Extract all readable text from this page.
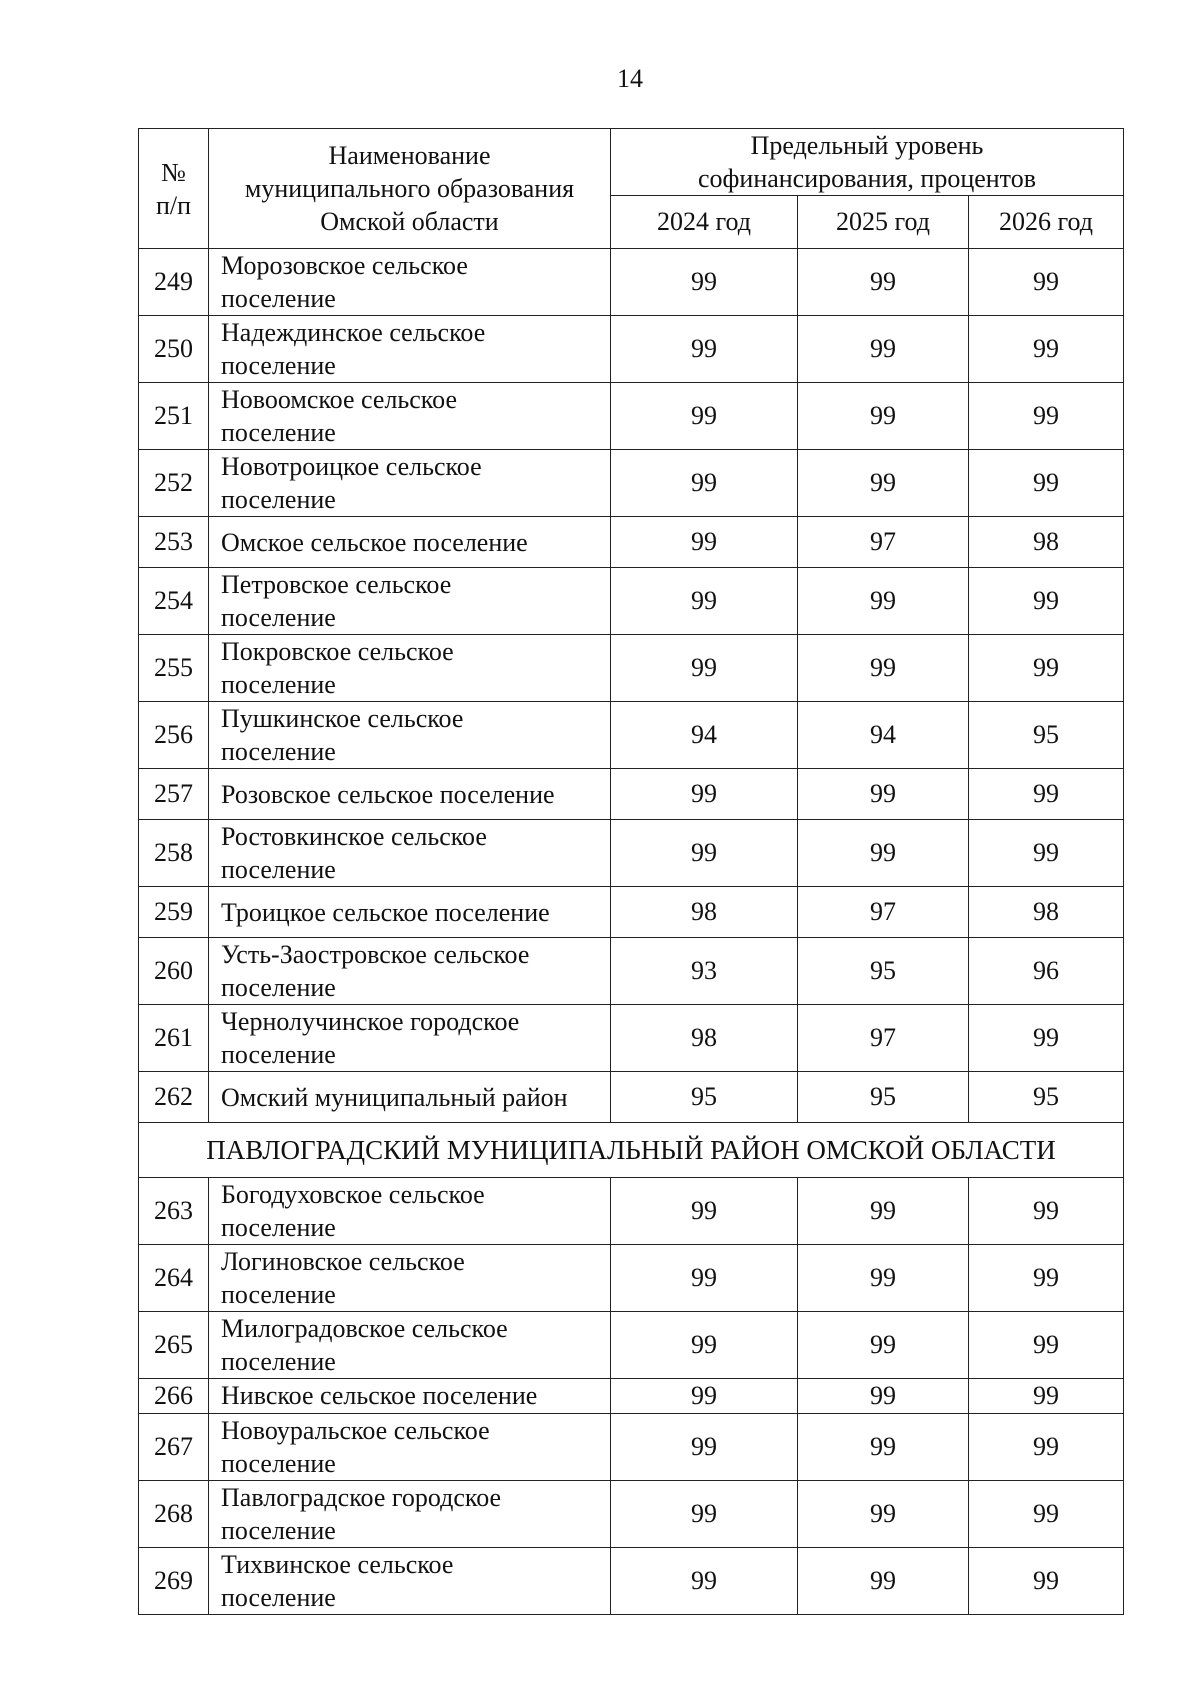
14
№
п/п	Наименование
муниципального образования
Омской области	Предельный уровень
софинансирования, процентов		
		2024 год	2025 год	2026 год
249	Морозовское сельское
поселение	99	99	99
250	Надеждинское сельское
поселение	99	99	99
251	Новоомское сельское
поселение	99	99	99
252	Новотроицкое сельское
поселение	99	99	99
253	Омское сельское поселение	99	97	98
254	Петровское сельское
поселение	99	99	99
255	Покровское сельское
поселение	99	99	99
256	Пушкинское сельское
поселение	94	94	95
257	Розовское сельское поселение	99	99	99
258	Ростовкинское сельское
поселение	99	99	99
259	Троицкое сельское поселение	98	97	98
260	Усть-Заостровское сельское
поселение	93	95	96
261	Чернолучинское городское
поселение	98	97	99
262	Омский муниципальный район	95	95	95
ПАВЛОГРАДСКИЙ МУНИЦИПАЛЬНЫЙ РАЙОН ОМСКОЙ ОБЛАСТИ				
263	Богодуховское сельское
поселение	99	99	99
264	Логиновское сельское
поселение	99	99	99
265	Милоградовское сельское
поселение	99	99	99
266	Нивское сельское поселение	99	99	99
267	Новоуральское сельское
поселение	99	99	99
268	Павлоградское городское
поселение	99	99	99
269	Тихвинское сельское
поселение	99	99	99
